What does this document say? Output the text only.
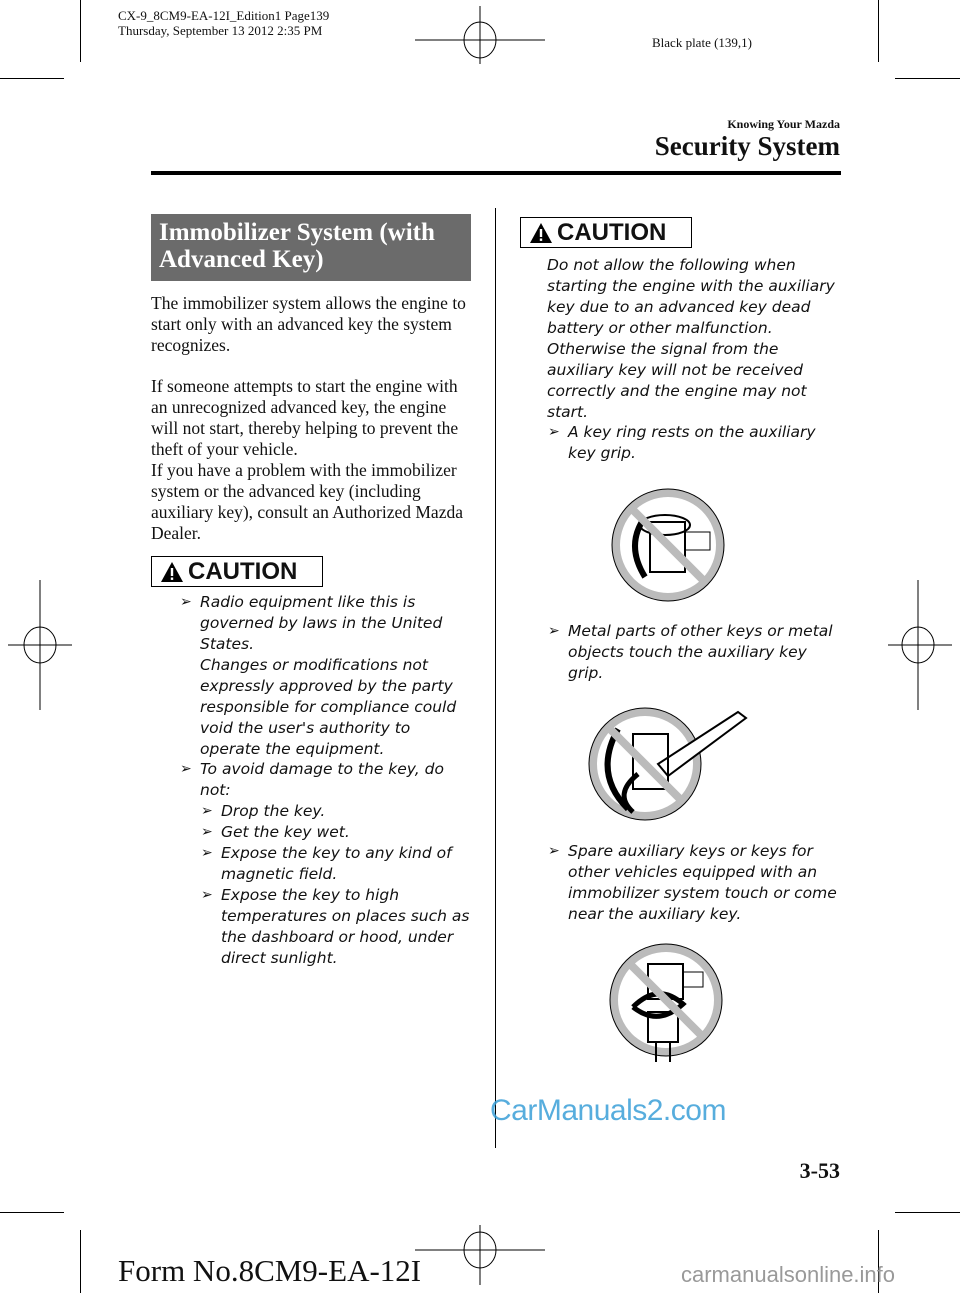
CX-9_8CM9-EA-12I_Edition1 Page139
Thursday, September 13 2012 2:35 PM
Black plate (139,1)
Knowing Your Mazda
Security System
Immobilizer System (with Advanced Key)
The immobilizer system allows the engine to start only with an advanced key the system recognizes.
If someone attempts to start the engine with an unrecognized advanced key, the engine will not start, thereby helping to prevent the theft of your vehicle.
If you have a problem with the immobilizer system or the advanced key (including auxiliary key), consult an Authorized Mazda Dealer.
CAUTION
➢ Radio equipment like this is governed by laws in the United States.
Changes or modifications not expressly approved by the party responsible for compliance could void the user's authority to operate the equipment.
➢ To avoid damage to the key, do not:
➢ Drop the key.
➢ Get the key wet.
➢ Expose the key to any kind of magnetic field.
➢ Expose the key to high temperatures on places such as the dashboard or hood, under direct sunlight.
CAUTION
Do not allow the following when starting the engine with the auxiliary key due to an advanced key dead battery or other malfunction. Otherwise the signal from the auxiliary key will not be received correctly and the engine may not start.
➢ A key ring rests on the auxiliary key grip.
➢ Metal parts of other keys or metal objects touch the auxiliary key grip.
➢ Spare auxiliary keys or keys for other vehicles equipped with an immobilizer system touch or come near the auxiliary key.
CarManuals2.com
3-53
Form No.8CM9-EA-12I	carmanualsonline.info
